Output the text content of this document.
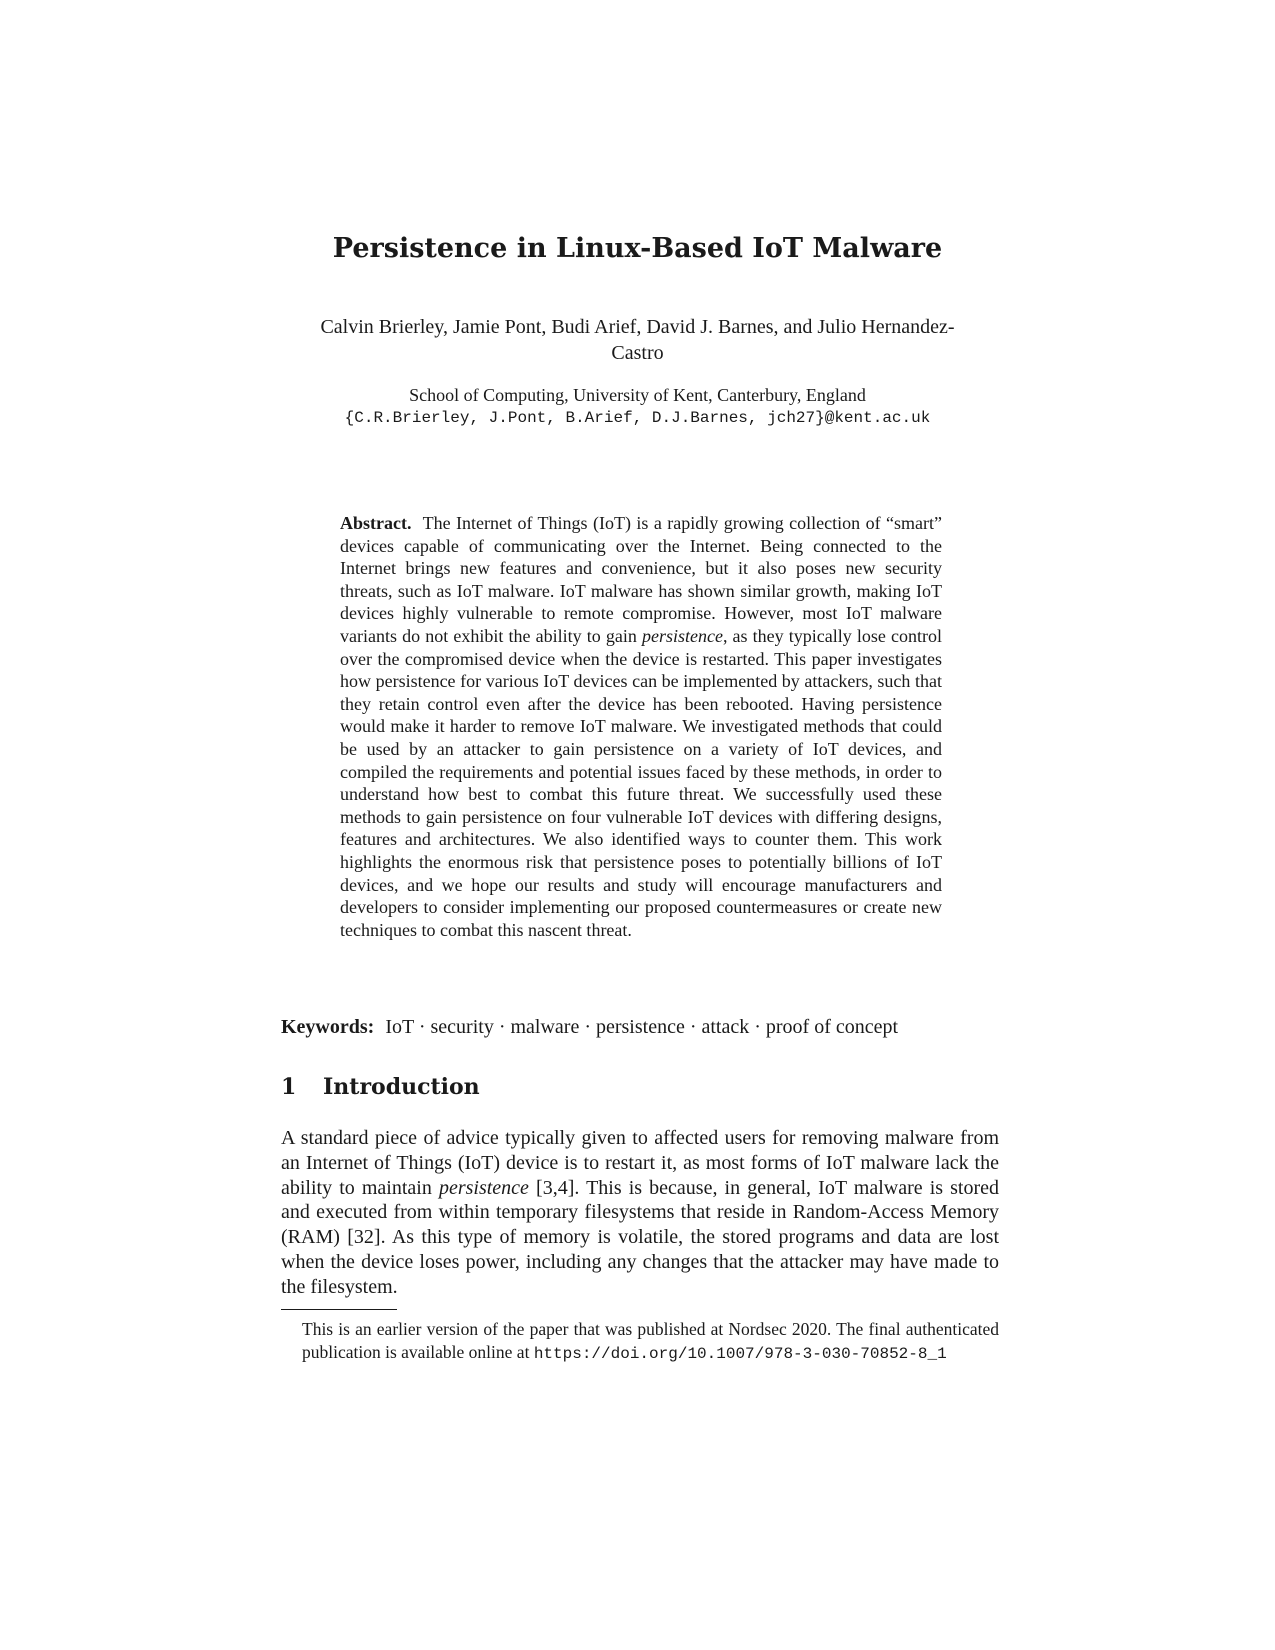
Persistence in Linux-Based IoT Malware
Calvin Brierley, Jamie Pont, Budi Arief, David J. Barnes, and Julio Hernandez-Castro
School of Computing, University of Kent, Canterbury, England
{C.R.Brierley, J.Pont, B.Arief, D.J.Barnes, jch27}@kent.ac.uk

Abstract. The Internet of Things (IoT) is a rapidly growing collection of “smart” devices capable of communicating over the Internet. Being connected to the Internet brings new features and convenience, but it also poses new security threats, such as IoT malware. IoT malware has shown similar growth, making IoT devices highly vulnerable to remote compromise. However, most IoT malware variants do not exhibit the ability to gain persistence, as they typically lose control over the compromised device when the device is restarted. This paper investigates how persistence for various IoT devices can be implemented by attackers, such that they retain control even after the device has been rebooted. Having persistence would make it harder to remove IoT malware. We investigated methods that could be used by an attacker to gain persistence on a variety of IoT devices, and compiled the requirements and potential issues faced by these methods, in order to understand how best to combat this future threat. We successfully used these methods to gain persistence on four vulnerable IoT devices with differing designs, features and architectures. We also identified ways to counter them. This work highlights the enormous risk that persistence poses to potentially billions of IoT devices, and we hope our results and study will encourage manufacturers and developers to consider implementing our proposed countermeasures or create new techniques to combat this nascent threat.

Keywords: IoT · security · malware · persistence · attack · proof of concept

1 Introduction

A standard piece of advice typically given to affected users for removing malware from an Internet of Things (IoT) device is to restart it, as most forms of IoT malware lack the ability to maintain persistence [3,4]. This is because, in general, IoT malware is stored and executed from within temporary filesystems that reside in Random-Access Memory (RAM) [32]. As this type of memory is volatile, the stored programs and data are lost when the device loses power, including any changes that the attacker may have made to the filesystem.

This is an earlier version of the paper that was published at Nordsec 2020. The final authenticated publication is available online at https://doi.org/10.1007/978-3-030-70852-8_1
